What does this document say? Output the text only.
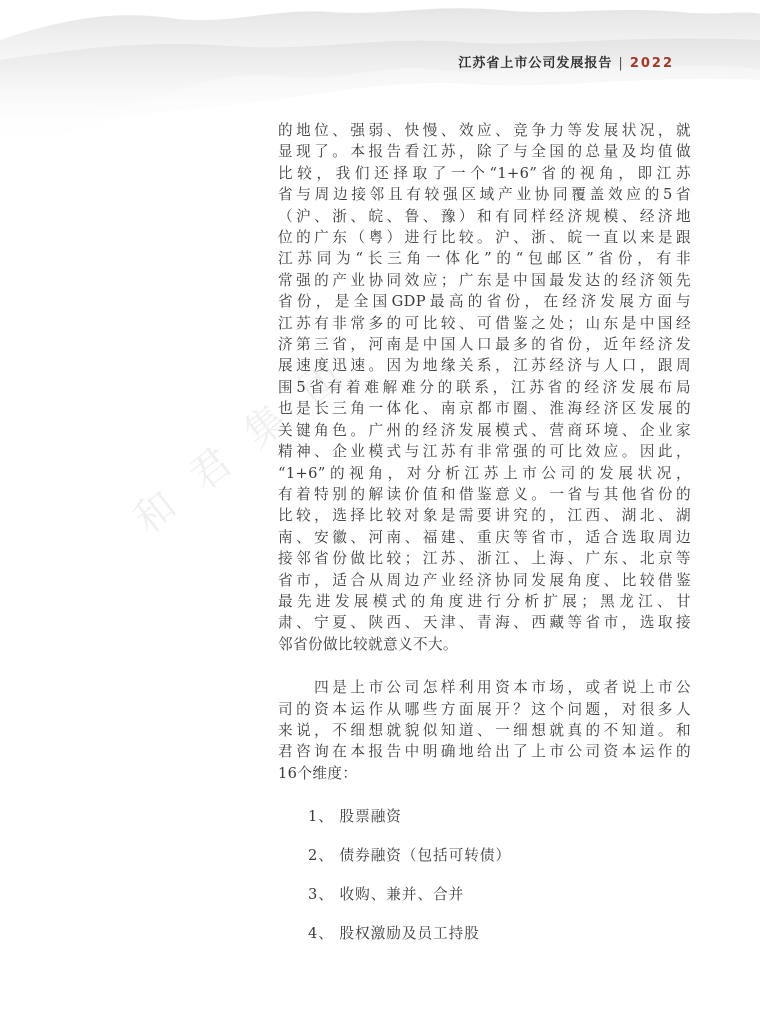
江苏省上市公司发展报告 | 2022
和君集团
的地位、强弱、快慢、效应、竞争力等发展状况，就
显现了。本报告看江苏，除了与全国的总量及均值做
比较，我们还择取了一个“1+6”省的视角，即江苏
省与周边接邻且有较强区域产业协同覆盖效应的5省
（沪、浙、皖、鲁、豫）和有同样经济规模、经济地
位的广东（粤）进行比较。沪、浙、皖一直以来是跟
江苏同为“长三角一体化”的“包邮区”省份，有非
常强的产业协同效应；广东是中国最发达的经济领先
省份，是全国GDP最高的省份，在经济发展方面与
江苏有非常多的可比较、可借鉴之处；山东是中国经
济第三省，河南是中国人口最多的省份，近年经济发
展速度迅速。因为地缘关系，江苏经济与人口，跟周
围5省有着难解难分的联系，江苏省的经济发展布局
也是长三角一体化、南京都市圈、淮海经济区发展的
关键角色。广州的经济发展模式、营商环境、企业家
精神、企业模式与江苏有非常强的可比效应。因此，
“1+6”的视角，对分析江苏上市公司的发展状况，
有着特别的解读价值和借鉴意义。一省与其他省份的
比较，选择比较对象是需要讲究的，江西、湖北、湖
南、安徽、河南、福建、重庆等省市，适合选取周边
接邻省份做比较；江苏、浙江、上海、广东、北京等
省市，适合从周边产业经济协同发展角度、比较借鉴
最先进发展模式的角度进行分析扩展；黑龙江、甘
肃、宁夏、陕西、天津、青海、西藏等省市，选取接
邻省份做比较就意义不大。
　　四是上市公司怎样利用资本市场，或者说上市公
司的资本运作从哪些方面展开？这个问题，对很多人
来说，不细想就貌似知道、一细想就真的不知道。和
君咨询在本报告中明确地给出了上市公司资本运作的
16个维度：
1、 股票融资
2、 债券融资（包括可转债）
3、 收购、兼并、合并
4、 股权激励及员工持股
